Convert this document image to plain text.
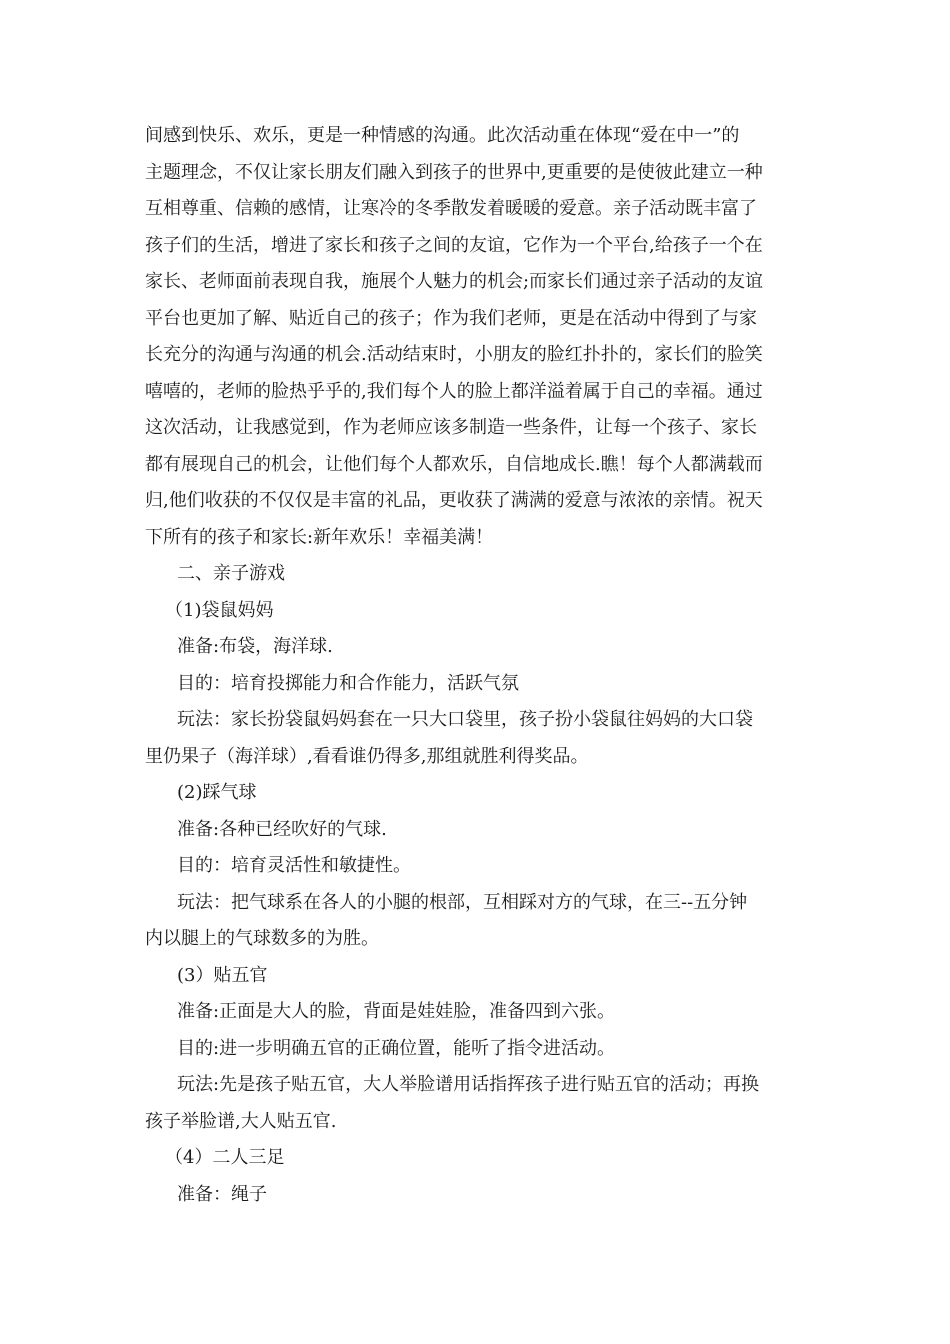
间感到快乐、欢乐，更是一种情感的沟通。此次活动重在体现“爱在中一”的
主题理念，不仅让家长朋友们融入到孩子的世界中,更重要的是使彼此建立一种
互相尊重、信赖的感情，让寒冷的冬季散发着暖暖的爱意。亲子活动既丰富了
孩子们的生活，增进了家长和孩子之间的友谊，它作为一个平台,给孩子一个在
家长、老师面前表现自我，施展个人魅力的机会;而家长们通过亲子活动的友谊
平台也更加了解、贴近自己的孩子；作为我们老师，更是在活动中得到了与家
长充分的沟通与沟通的机会.活动结束时，小朋友的脸红扑扑的，家长们的脸笑
嘻嘻的，老师的脸热乎乎的,我们每个人的脸上都洋溢着属于自己的幸福。通过
这次活动，让我感觉到，作为老师应该多制造一些条件，让每一个孩子、家长
都有展现自己的机会，让他们每个人都欢乐，自信地成长.瞧！每个人都满载而
归,他们收获的不仅仅是丰富的礼品，更收获了满满的爱意与浓浓的亲情。祝天
下所有的孩子和家长:新年欢乐！幸福美满！
二、亲子游戏
（1)袋鼠妈妈
准备:布袋，海洋球.
目的：培育投掷能力和合作能力，活跃气氛
玩法：家长扮袋鼠妈妈套在一只大口袋里，孩子扮小袋鼠往妈妈的大口袋
里仍果子（海洋球）,看看谁仍得多,那组就胜利得奖品。
(2)踩气球
准备:各种已经吹好的气球.
目的：培育灵活性和敏捷性。
玩法：把气球系在各人的小腿的根部，互相踩对方的气球，在三--五分钟
内以腿上的气球数多的为胜。
(3）贴五官
准备:正面是大人的脸，背面是娃娃脸，准备四到六张。
目的:进一步明确五官的正确位置，能听了指令进活动。
玩法:先是孩子贴五官，大人举脸谱用话指挥孩子进行贴五官的活动；再换
孩子举脸谱,大人贴五官.
（4）二人三足
准备：绳子
